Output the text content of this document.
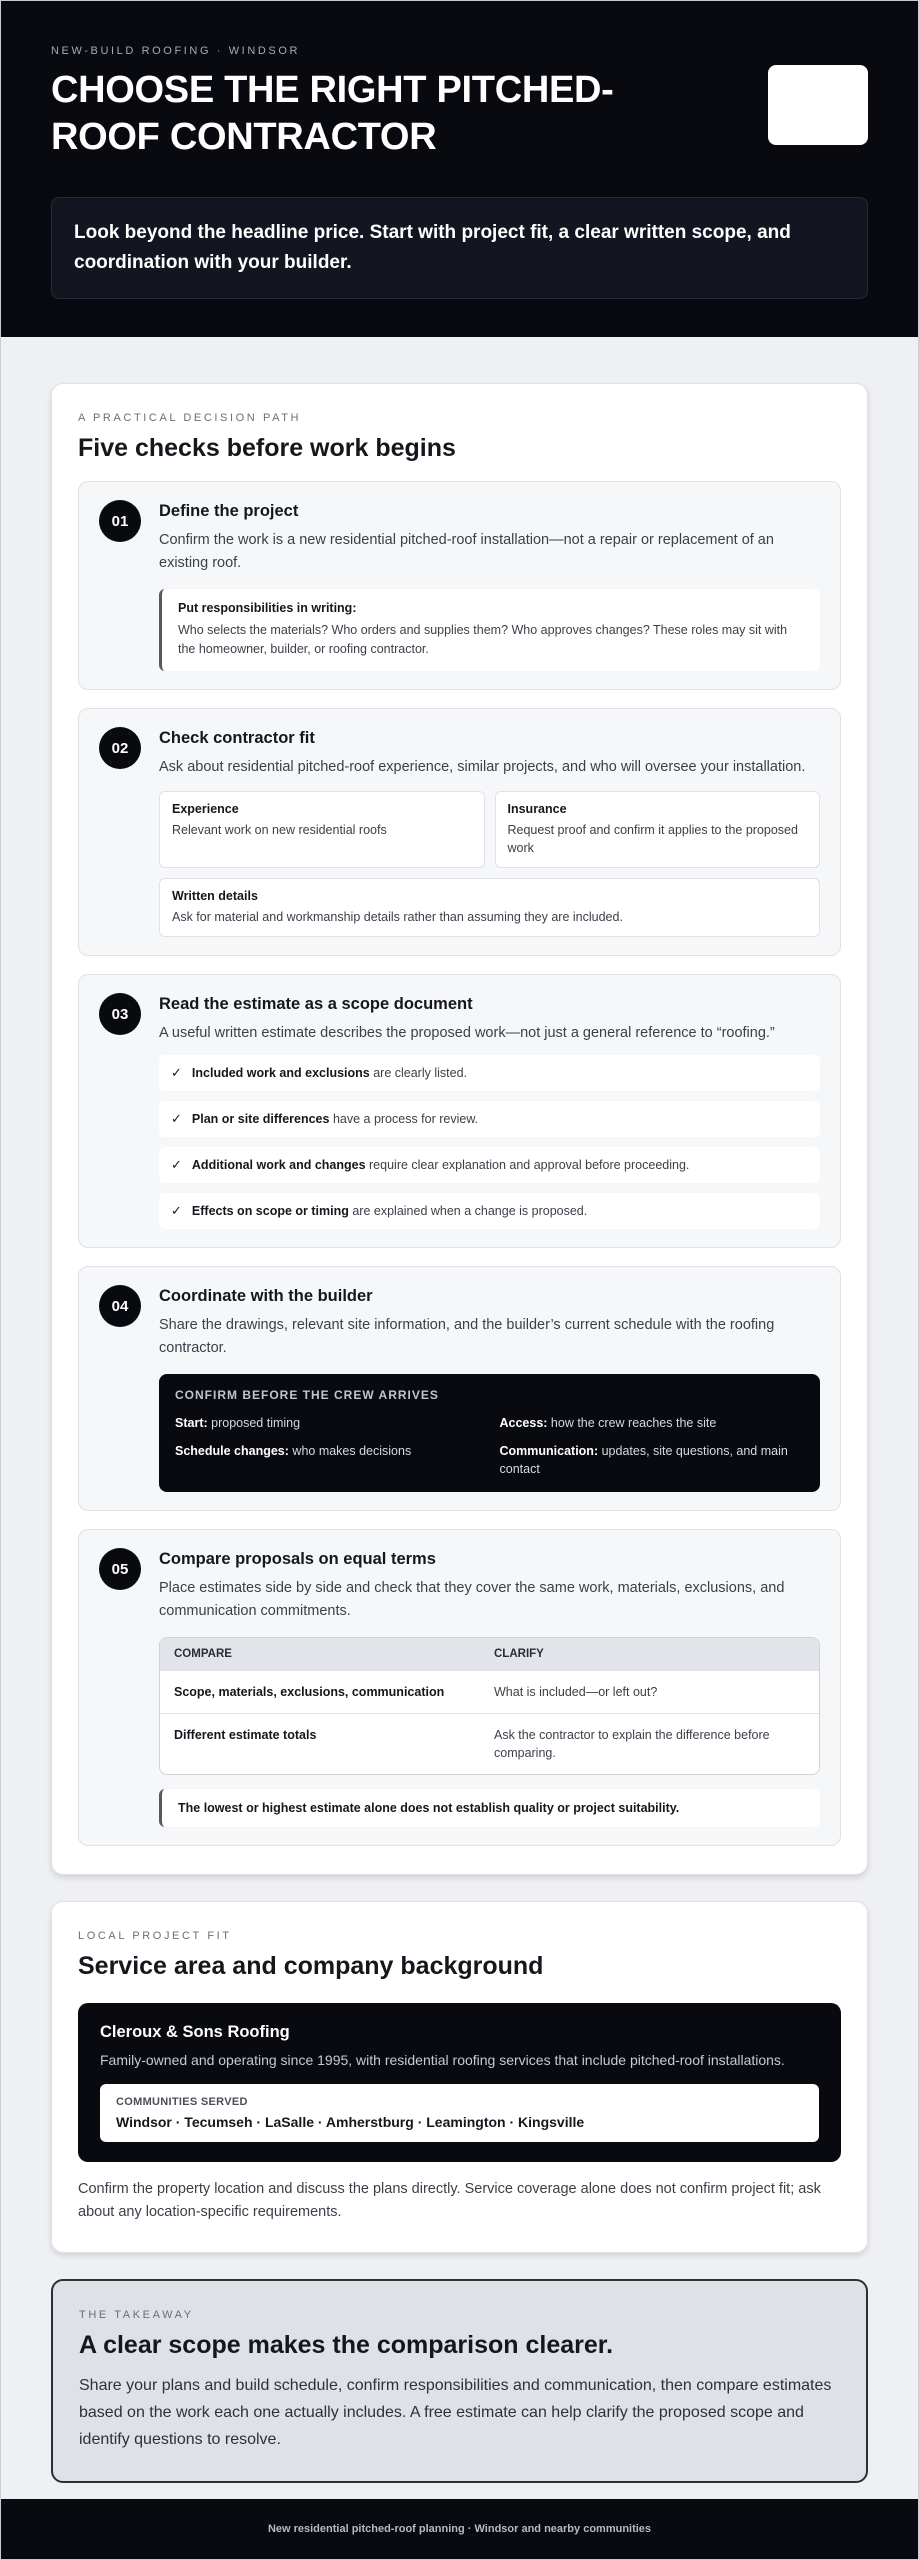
NEW-BUILD ROOFING · WINDSOR
CHOOSE THE RIGHT PITCHED-ROOF CONTRACTOR
Look beyond the headline price. Start with project fit, a clear written scope, and coordination with your builder.
A PRACTICAL DECISION PATH
Five checks before work begins
01
Define the project
Confirm the work is a new residential pitched-roof installation—not a repair or replacement of an existing roof.
Put responsibilities in writing:
Who selects the materials? Who orders and supplies them? Who approves changes? These roles may sit with the homeowner, builder, or roofing contractor.
02
Check contractor fit
Ask about residential pitched-roof experience, similar projects, and who will oversee your installation.
Experience
Relevant work on new residential roofs
Insurance
Request proof and confirm it applies to the proposed work
Written details
Ask for material and workmanship details rather than assuming they are included.
03
Read the estimate as a scope document
A useful written estimate describes the proposed work—not just a general reference to “roofing.”
✓ Included work and exclusions are clearly listed.
✓ Plan or site differences have a process for review.
✓ Additional work and changes require clear explanation and approval before proceeding.
✓ Effects on scope or timing are explained when a change is proposed.
04
Coordinate with the builder
Share the drawings, relevant site information, and the builder’s current schedule with the roofing contractor.
CONFIRM BEFORE THE CREW ARRIVES
Start: proposed timing	Access: how the crew reaches the site
Schedule changes: who makes decisions	Communication: updates, site questions, and main contact
05
Compare proposals on equal terms
Place estimates side by side and check that they cover the same work, materials, exclusions, and communication commitments.
COMPARE	CLARIFY
Scope, materials, exclusions, communication	What is included—or left out?
Different estimate totals	Ask the contractor to explain the difference before comparing.
The lowest or highest estimate alone does not establish quality or project suitability.
LOCAL PROJECT FIT
Service area and company background
Cleroux & Sons Roofing
Family-owned and operating since 1995, with residential roofing services that include pitched-roof installations.
COMMUNITIES SERVED
Windsor · Tecumseh · LaSalle · Amherstburg · Leamington · Kingsville
Confirm the property location and discuss the plans directly. Service coverage alone does not confirm project fit; ask about any location-specific requirements.
THE TAKEAWAY
A clear scope makes the comparison clearer.
Share your plans and build schedule, confirm responsibilities and communication, then compare estimates based on the work each one actually includes. A free estimate can help clarify the proposed scope and identify questions to resolve.
New residential pitched-roof planning · Windsor and nearby communities
